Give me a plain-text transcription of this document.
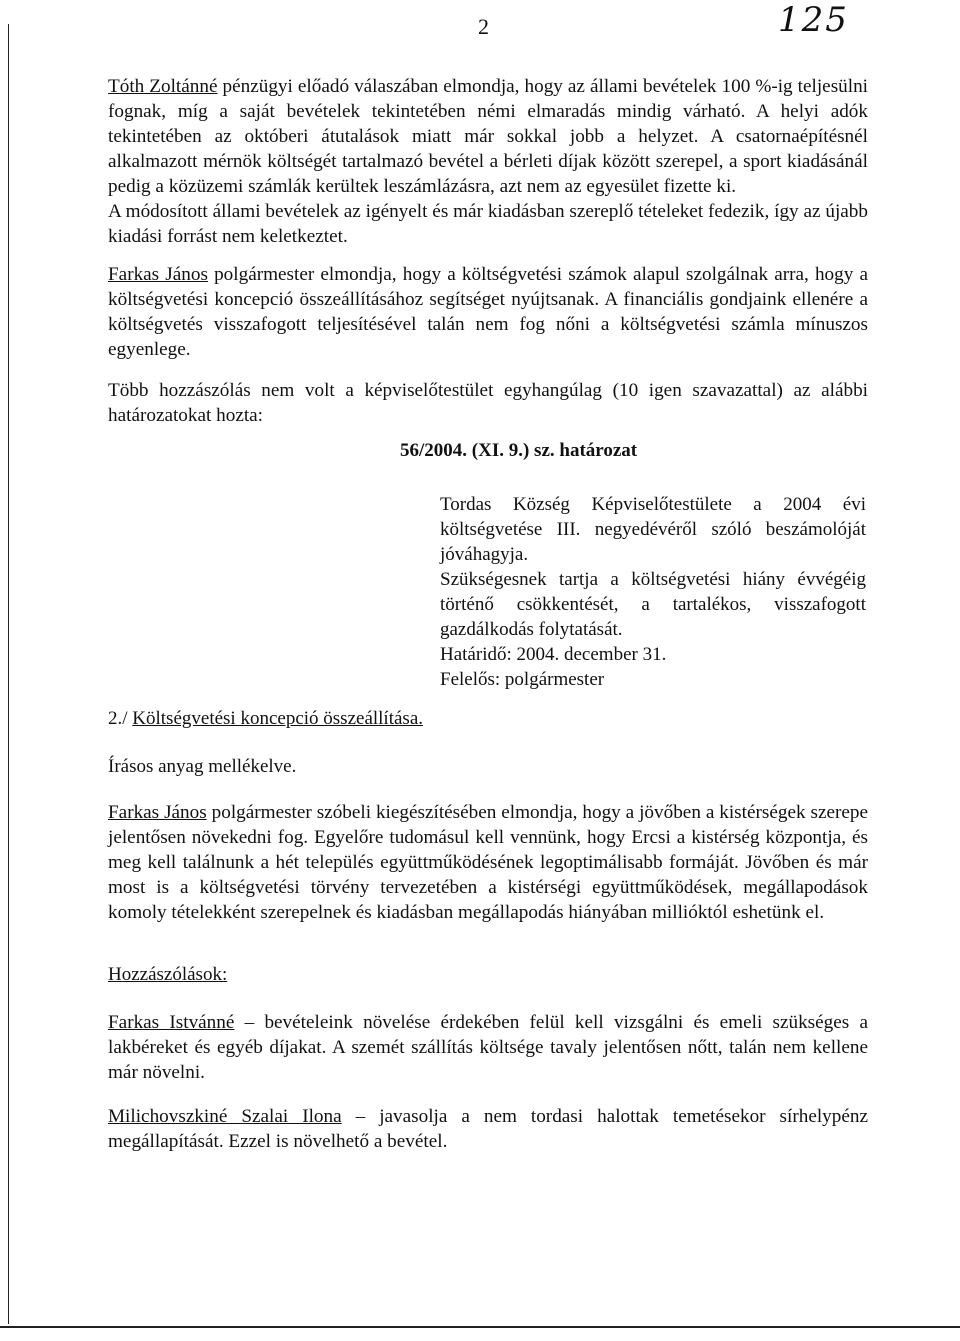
2	125
Tóth Zoltánné pénzügyi előadó válaszában elmondja, hogy az állami bevételek 100 %-ig teljesülni fognak, míg a saját bevételek tekintetében némi elmaradás mindig várható. A helyi adók tekintetében az októberi átutalások miatt már sokkal jobb a helyzet. A csatornaépítésnél alkalmazott mérnök költségét tartalmazó bevétel a bérleti díjak között szerepel, a sport kiadásánál pedig a közüzemi számlák kerültek leszámlázásra, azt nem az egyesület fizette ki.
A módosított állami bevételek az igényelt és már kiadásban szereplő tételeket fedezik, így az újabb kiadási forrást nem keletkeztet.
Farkas János polgármester elmondja, hogy a költségvetési számok alapul szolgálnak arra, hogy a költségvetési koncepció összeállításához segítséget nyújtsanak. A financiális gondjaink ellenére a költségvetés visszafogott teljesítésével talán nem fog nőni a költségvetési számla mínuszos egyenlege.
Több hozzászólás nem volt a képviselőtestület egyhangúlag (10 igen szavazattal) az alábbi határozatokat hozta:
56/2004. (XI. 9.) sz. határozat
Tordas Község Képviselőtestülete a 2004 évi költségvetése III. negyedévéről szóló beszámolóját jóváhagyja.
Szükségesnek tartja a költségvetési hiány évvégéig történő csökkentését, a tartalékos, visszafogott gazdálkodás folytatását.
Határidő: 2004. december 31.
Felelős: polgármester
2./ Költségvetési koncepció összeállítása.
Írásos anyag mellékelve.
Farkas János polgármester szóbeli kiegészítésében elmondja, hogy a jövőben a kistérségek szerepe jelentősen növekedni fog. Egyelőre tudomásul kell vennünk, hogy Ercsi a kistérség központja, és meg kell találnunk a hét település együttműködésének legoptimálisabb formáját. Jövőben és már most is a költségvetési törvény tervezetében a kistérségi együttműködések, megállapodások komoly tételekként szerepelnek és kiadásban megállapodás hiányában millióktól eshetünk el.
Hozzászólások:
Farkas Istvánné – bevételeink növelése érdekében felül kell vizsgálni és emeli szükséges a lakbéreket és egyéb díjakat. A szemét szállítás költsége tavaly jelentősen nőtt, talán nem kellene már növelni.
Milichovszkiné Szalai Ilona – javasolja a nem tordasi halottak temetésekor sírhelypénz megállapítását. Ezzel is növelhető a bevétel.
